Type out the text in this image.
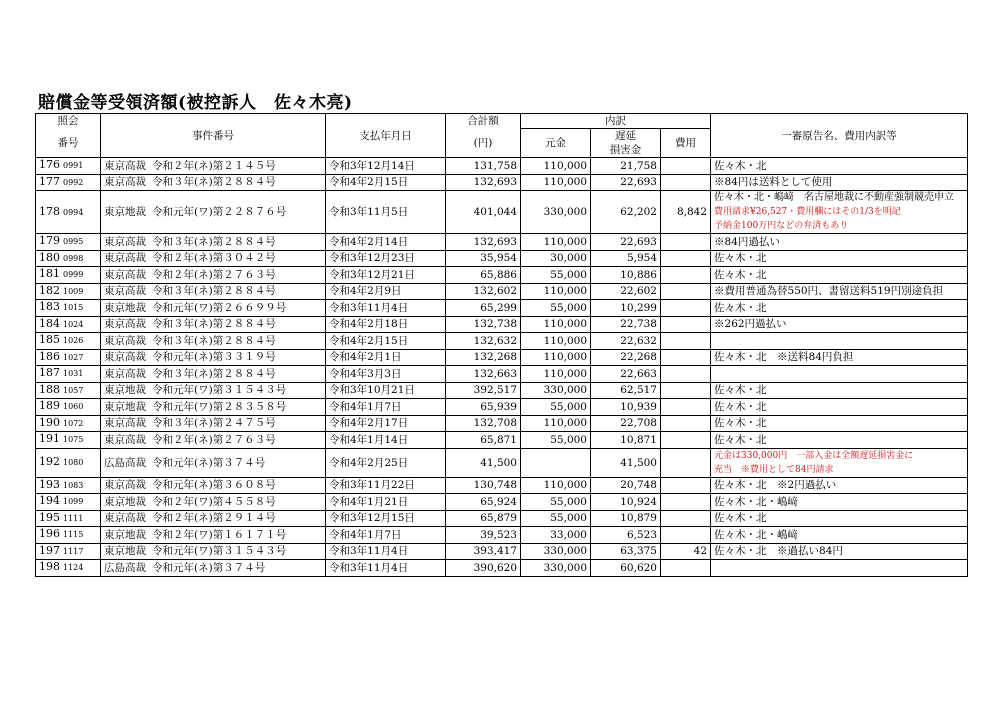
賠償金等受領済額(被控訴人　佐々木亮)
照会	事件番号	支払年月日	合計額	内訳			一審原告名、費用内訳等
番号			(円)	元金	遅延	費用	
					損害金		
176 0991	東京高裁 令和２年(ネ)第２１４５号	令和3年12月14日	131,758	110,000	21,758		佐々木・北
177 0992	東京高裁 令和３年(ネ)第２８８４号	令和4年2月15日	132,693	110,000	22,693		※84円は送料として使用
178 0994	東京地裁 令和元年(ワ)第２２８７６号	令和3年11月5日	401,044	330,000	62,202	8,842	佐々木・北・嶋﨑　名古屋地裁に不動産強制競売申立
費用請求¥26,527・費用欄にはその1/3を明記
予納金100万円などの弁済もあり

179 0995	東京高裁 令和３年(ネ)第２８８４号	令和4年2月14日	132,693	110,000	22,693		※84円過払い
180 0998	東京高裁 令和２年(ネ)第３０４２号	令和3年12月23日	35,954	30,000	5,954		佐々木・北
181 0999	東京高裁 令和２年(ネ)第２７６３号	令和3年12月21日	65,886	55,000	10,886		佐々木・北
182 1009	東京高裁 令和３年(ネ)第２８８４号	令和4年2月9日	132,602	110,000	22,602		※費用普通為替550円、書留送料519円別途負担
183 1015	東京地裁 令和元年(ワ)第２６６９９号	令和3年11月4日	65,299	55,000	10,299		佐々木・北
184 1024	東京高裁 令和３年(ネ)第２８８４号	令和4年2月18日	132,738	110,000	22,738		※262円過払い
185 1026	東京高裁 令和３年(ネ)第２８８４号	令和4年2月15日	132,632	110,000	22,632		
186 1027	東京高裁 令和元年(ネ)第３３１９号	令和4年2月1日	132,268	110,000	22,268		佐々木・北　※送料84円負担
187 1031	東京高裁 令和３年(ネ)第２８８４号	令和4年3月3日	132,663	110,000	22,663		
188 1057	東京地裁 令和元年(ワ)第３１５４３号	令和3年10月21日	392,517	330,000	62,517		佐々木・北
189 1060	東京地裁 令和元年(ワ)第２８３５８号	令和4年1月7日	65,939	55,000	10,939		佐々木・北
190 1072	東京高裁 令和３年(ネ)第２４７５号	令和4年2月17日	132,708	110,000	22,708		佐々木・北
191 1075	東京高裁 令和２年(ネ)第２７６３号	令和4年1月14日	65,871	55,000	10,871		佐々木・北
192 1080	広島高裁 令和元年(ネ)第３７４号	令和4年2月25日	41,500		41,500		元金は330,000円　一部入金は全額遅延損害金に
充当　※費用として84円請求

193 1083	東京高裁 令和元年(ネ)第３６０８号	令和3年11月22日	130,748	110,000	20,748		佐々木・北　※2円過払い
194 1099	東京地裁 令和２年(ワ)第４５５８号	令和4年1月21日	65,924	55,000	10,924		佐々木・北・嶋﨑
195 1111	東京高裁 令和２年(ネ)第２９１４号	令和3年12月15日	65,879	55,000	10,879		佐々木・北
196 1115	東京地裁 令和２年(ワ)第１６１７１号	令和4年1月7日	39,523	33,000	6,523		佐々木・北・嶋﨑
197 1117	東京地裁 令和元年(ワ)第３１５４３号	令和3年11月4日	393,417	330,000	63,375	42	佐々木・北　※過払い84円
198 1124	広島高裁 令和元年(ネ)第３７４号	令和3年11月4日	390,620	330,000	60,620		
